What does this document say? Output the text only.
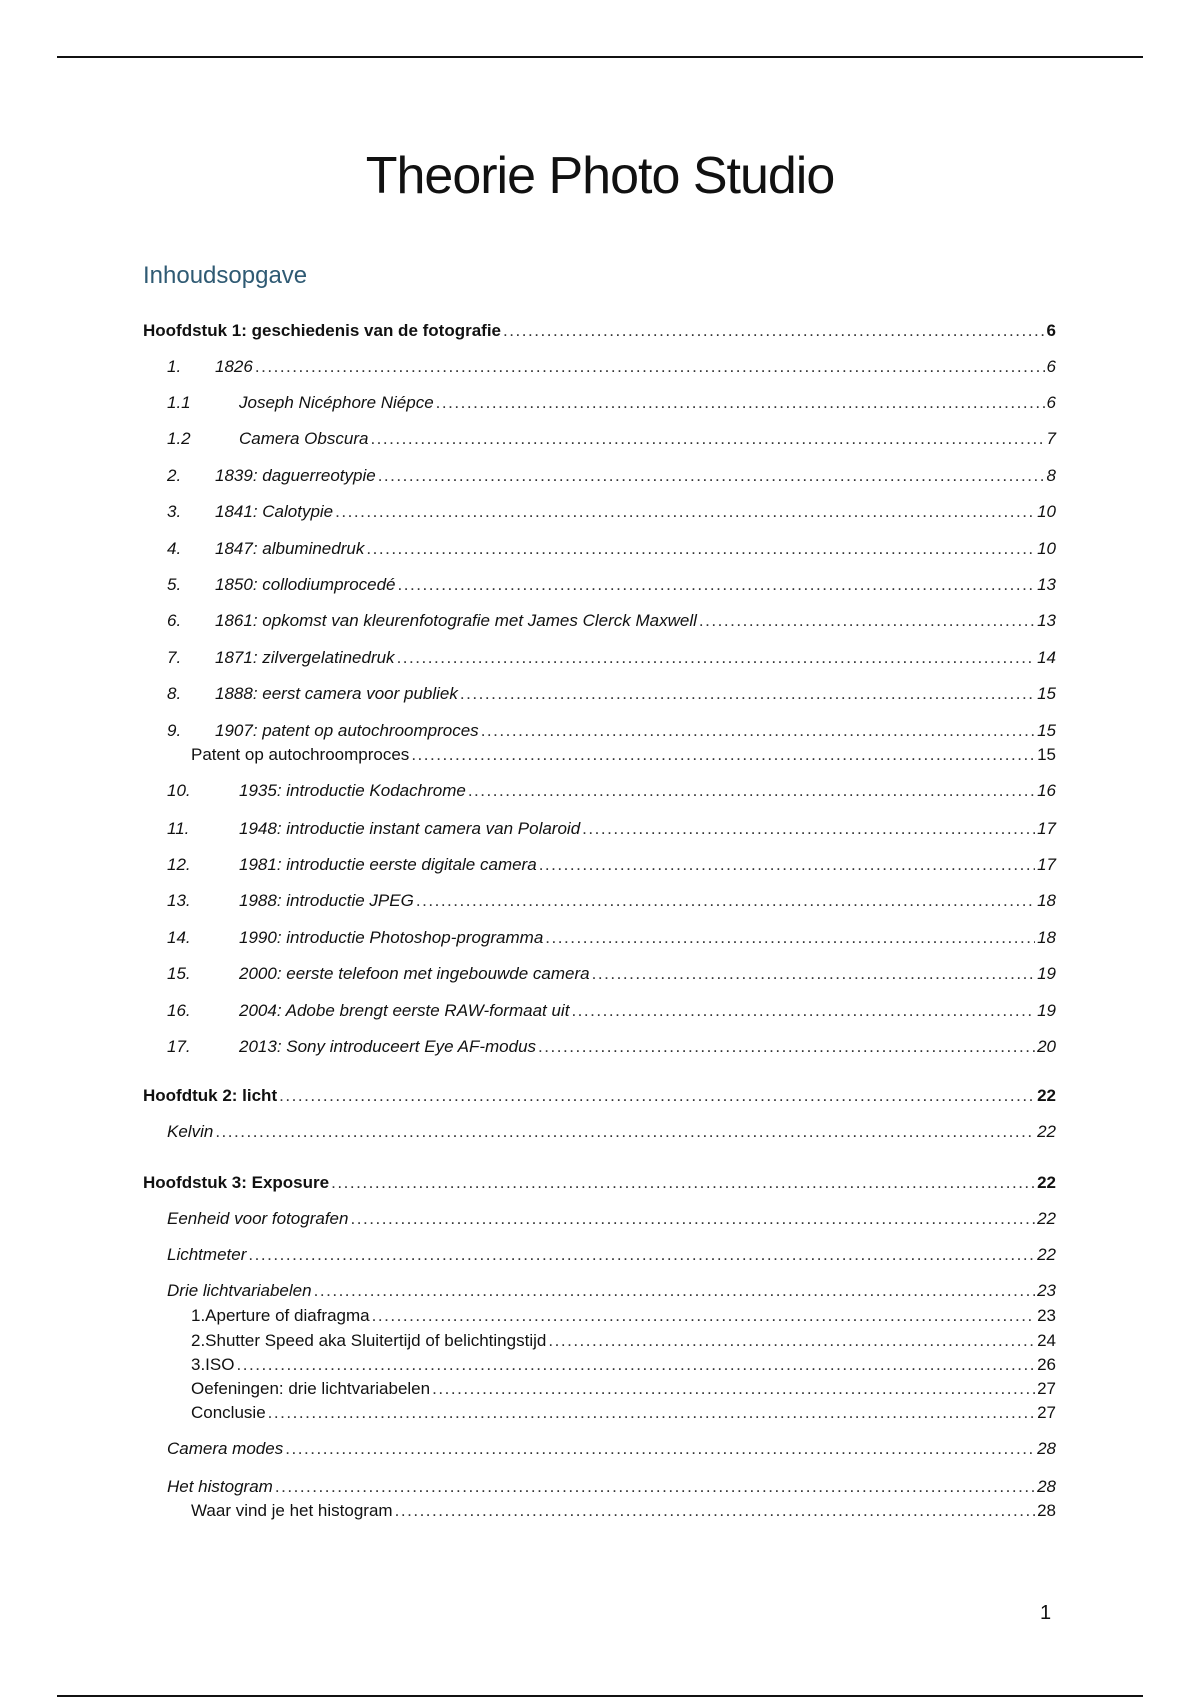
Theorie Photo Studio
Inhoudsopgave
Hoofdstuk 1: geschiedenis van de fotografie . . .	6
1.	1826 . . .	6
1.1	Joseph Nicéphore Niépce . . .	6
1.2	Camera Obscura . . .	7
2.	1839: daguerreotypie . . .	8
3.	1841: Calotypie . . .	10
4.	1847: albuminedruk . . .	10
5.	1850: collodiumprocedé . . .	13
6.	1861: opkomst van kleurenfotografie met James Clerck Maxwell . . .	13
7.	1871: zilvergelatinedruk . . .	14
8.	1888: eerst camera voor publiek . . .	15
9.	1907: patent op autochroomproces . . .	15
Patent op autochroomproces . . .	15
10.	1935: introductie Kodachrome . . .	16
11.	1948: introductie instant camera van Polaroid . . .	17
12.	1981: introductie eerste digitale camera . . .	17
13.	1988: introductie JPEG . . .	18
14.	1990: introductie Photoshop-programma . . .	18
15.	2000: eerste telefoon met ingebouwde camera . . .	19
16.	2004: Adobe brengt eerste RAW-formaat uit . . .	19
17.	2013: Sony introduceert Eye AF-modus . . .	20
Hoofdtuk 2: licht . . .	22
Kelvin . . .	22
Hoofdstuk 3: Exposure . . .	22
Eenheid voor fotografen . . .	22
Lichtmeter . . .	22
Drie lichtvariabelen . . .	23
1.Aperture of diafragma . . .	23
2.Shutter Speed aka Sluitertijd of belichtingstijd . . .	24
3.ISO . . .	26
Oefeningen: drie lichtvariabelen . . .	27
Conclusie . . .	27
Camera modes . . .	28
Het histogram . . .	28
Waar vind je het histogram . . .	28
1
